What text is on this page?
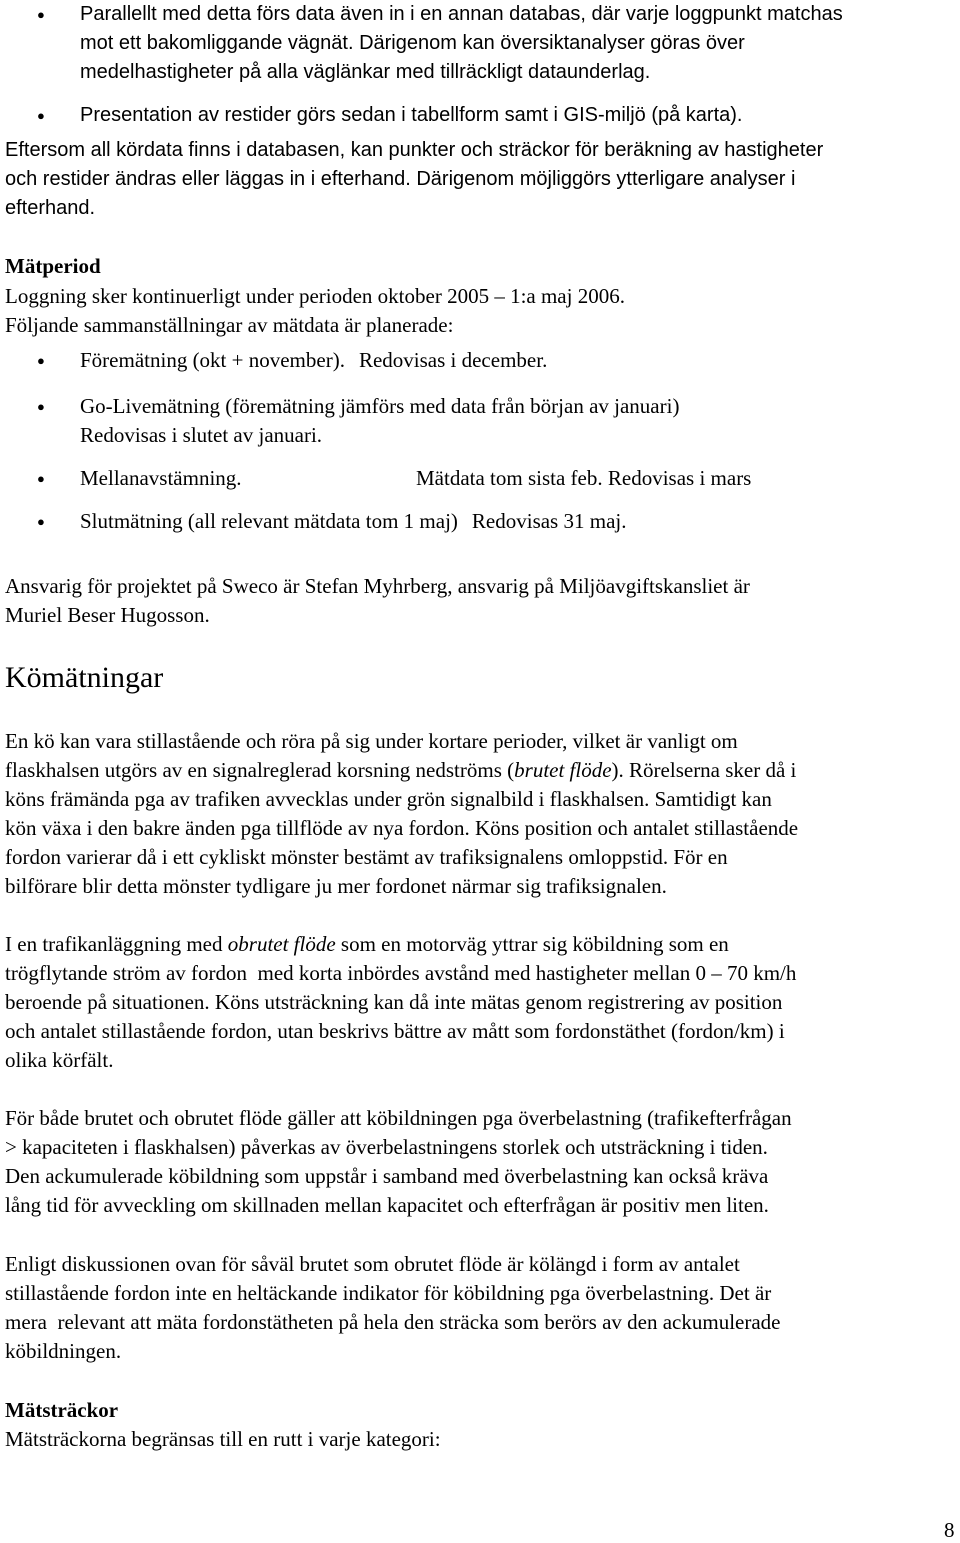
● Parallellt med detta förs data även in i en annan databas, där varje loggpunkt matchas
mot ett bakomliggande vägnät. Därigenom kan översiktanalyser göras över
medelhastigheter på alla väglänkar med tillräckligt dataunderlag.
● Presentation av restider görs sedan i tabellform samt i GIS-miljö (på karta).
Eftersom all kördata finns i databasen, kan punkter och sträckor för beräkning av hastigheter
och restider ändras eller läggas in i efterhand. Därigenom möjliggörs ytterligare analyser i
efterhand.
Mätperiod
Loggning sker kontinuerligt under perioden oktober 2005 – 1:a maj 2006.
Följande sammanställningar av mätdata är planerade:
● Föremätning (okt + november). Redovisas i december.
● Go-Livemätning (föremätning jämförs med data från början av januari)
Redovisas i slutet av januari.
● Mellanavstämning.	Mätdata tom sista feb. Redovisas i mars
● Slutmätning (all relevant mätdata tom 1 maj) Redovisas 31 maj.
Ansvarig för projektet på Sweco är Stefan Myhrberg, ansvarig på Miljöavgiftskansliet är
Muriel Beser Hugosson.
Kömätningar
En kö kan vara stillastående och röra på sig under kortare perioder, vilket är vanligt om
flaskhalsen utgörs av en signalreglerad korsning nedströms (brutet flöde). Rörelserna sker då i
köns främända pga av trafiken avvecklas under grön signalbild i flaskhalsen. Samtidigt kan
kön växa i den bakre änden pga tillflöde av nya fordon. Köns position och antalet stillastående
fordon varierar då i ett cykliskt mönster bestämt av trafiksignalens omloppstid. För en
bilförare blir detta mönster tydligare ju mer fordonet närmar sig trafiksignalen.
I en trafikanläggning med obrutet flöde som en motorväg yttrar sig köbildning som en
trögflytande ström av fordon  med korta inbördes avstånd med hastigheter mellan 0 – 70 km/h
beroende på situationen. Köns utsträckning kan då inte mätas genom registrering av position
och antalet stillastående fordon, utan beskrivs bättre av mått som fordonstäthet (fordon/km) i
olika körfält.
För både brutet och obrutet flöde gäller att köbildningen pga överbelastning (trafikefterfrågan
> kapaciteten i flaskhalsen) påverkas av överbelastningens storlek och utsträckning i tiden.
Den ackumulerade köbildning som uppstår i samband med överbelastning kan också kräva
lång tid för avveckling om skillnaden mellan kapacitet och efterfrågan är positiv men liten.
Enligt diskussionen ovan för såväl brutet som obrutet flöde är kölängd i form av antalet
stillastående fordon inte en heltäckande indikator för köbildning pga överbelastning. Det är
mera  relevant att mäta fordonstätheten på hela den sträcka som berörs av den ackumulerade
köbildningen.
Mätsträckor
Mätsträckorna begränsas till en rutt i varje kategori:
8
